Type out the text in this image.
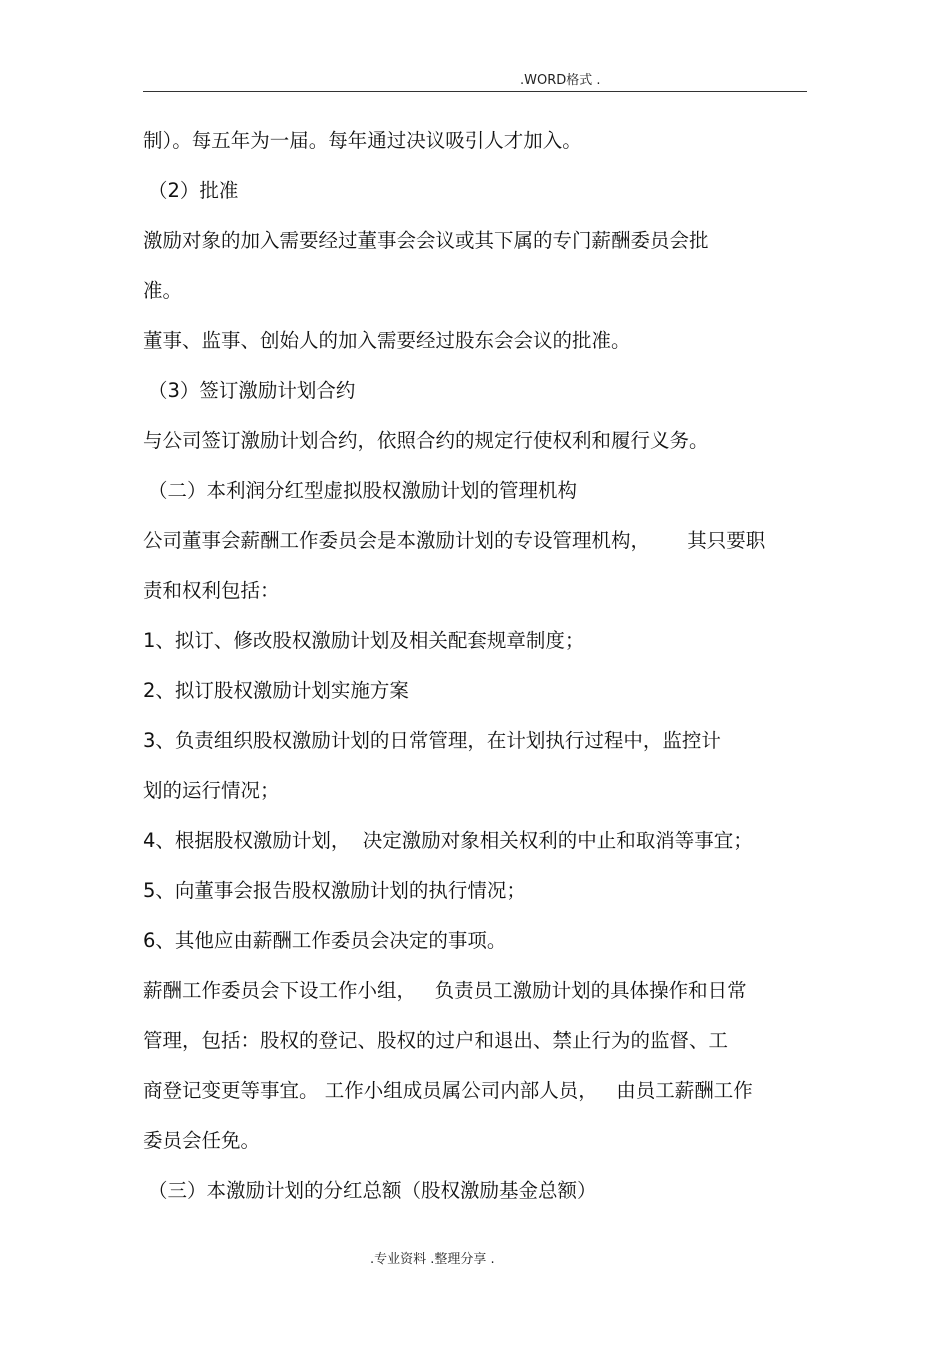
.WORD格式 .
制）。每五年为一届。每年通过决议吸引人才加入。
（2）批准
激励对象的加入需要经过董事会会议或其下属的专门薪酬委员会批
准。
董事、监事、创始人的加入需要经过股东会会议的批准。
（3）签订激励计划合约
与公司签订激励计划合约，依照合约的规定行使权利和履行义务。
（二）本利润分红型虚拟股权激励计划的管理机构
公司董事会薪酬工作委员会是本激励计划的专设管理机构，      其只要职
责和权利包括：
1、拟订、修改股权激励计划及相关配套规章制度；
2、拟订股权激励计划实施方案
3、负责组织股权激励计划的日常管理，在计划执行过程中，监控计
划的运行情况；
4、根据股权激励计划，  决定激励对象相关权利的中止和取消等事宜；
5、向董事会报告股权激励计划的执行情况；
6、其他应由薪酬工作委员会决定的事项。
薪酬工作委员会下设工作小组，   负责员工激励计划的具体操作和日常
管理，包括：股权的登记、股权的过户和退出、禁止行为的监督、工
商登记变更等事宜。 工作小组成员属公司内部人员，   由员工薪酬工作
委员会任免。
（三）本激励计划的分红总额（股权激励基金总额）
.专业资料 .整理分享 .
